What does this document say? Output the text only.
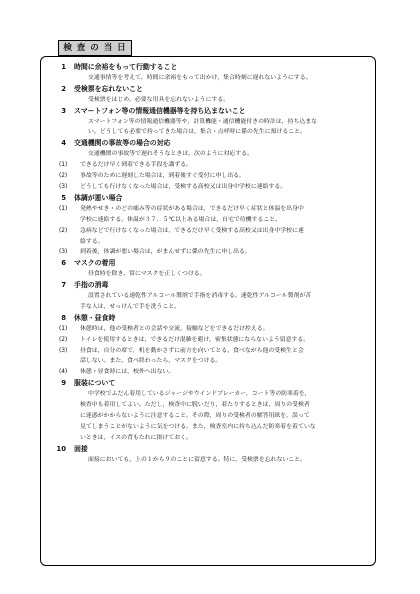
検 査 の 当 日
1 時間に余裕をもって行動すること
交通事情等を考えて，時間に余裕をもって出かけ，集合時刻に遅れないようにする。
2 受検票を忘れないこと
受検票をはじめ，必要な用具を忘れないようにする。
3 スマートフォン等の情報通信機器等を持ち込まないこと
スマートフォン等の情報通信機器等や，計算機能・通信機能付きの時計は，持ち込まな
い。どうしても必要で持ってきた場合は，集合・点呼時に係の先生に預けること。
4 交通機関の事故等の場合の対応
交通機関の事故等で遅れそうなときは，次のように対応する。
(1) できるだけ早く到着できる手段を講ずる。
(2) 事故等のために遅刻した場合は，到着後すぐ受付に申し出る。
(3) どうしても行けなくなった場合は，受検する高校又は出身中学校に連絡する。
5 体調が悪い場合
(1) 発熱やせき・のどの痛み等の症状がある場合は，できるだけ早く症状と体温を出身中
学校に連絡する。体温が３７．５℃以上ある場合は，自宅で待機すること。
(2) 急病などで行けなくなった場合は，できるだけ早く受検する高校又は出身中学校に連
絡する。
(3) 到着後，体調が悪い場合は，がまんせずに係の先生に申し出る。
6 マスクの着用
昼食時を除き，常にマスクを正しくつける。
7 手指の消毒
設置されている速乾性アルコール製剤で手指を消毒する。速乾性アルコール製剤が苦
手な人は，せっけんで手を洗うこと。
8 休憩・昼食時
(1) 休憩時は，他の受検者との会話や交流，接触などをできるだけ控える。
(2) トイレを使用するときは，できるだけ混雑を避け，密集状態にならないよう留意する。
(3) 昼食は，自分の席で，机を動かさずに前方を向いてとる。食べながら他の受検生と会
話しない。また，食べ終わったら，マスクをつける。
(4) 休憩・昼食時には，校外へ出ない。
9 服装について
中学校でふだん着用しているジャージやウインドブレーカー，コート等の防寒着を，
検査中も着用してよい。ただし，検査中に脱いだり，着たりするときは，周りの受検者
に迷惑がかからないように注意すること。その際，周りの受検者の解答用紙を，誤って
見てしまうことがないように気をつける。また，検査室内に持ち込んだ防寒着を着ていな
いときは，イスの背もたれに掛けておく。
10 面接
面接においても，上の１から９のことに留意する。特に，受検票を忘れないこと。
